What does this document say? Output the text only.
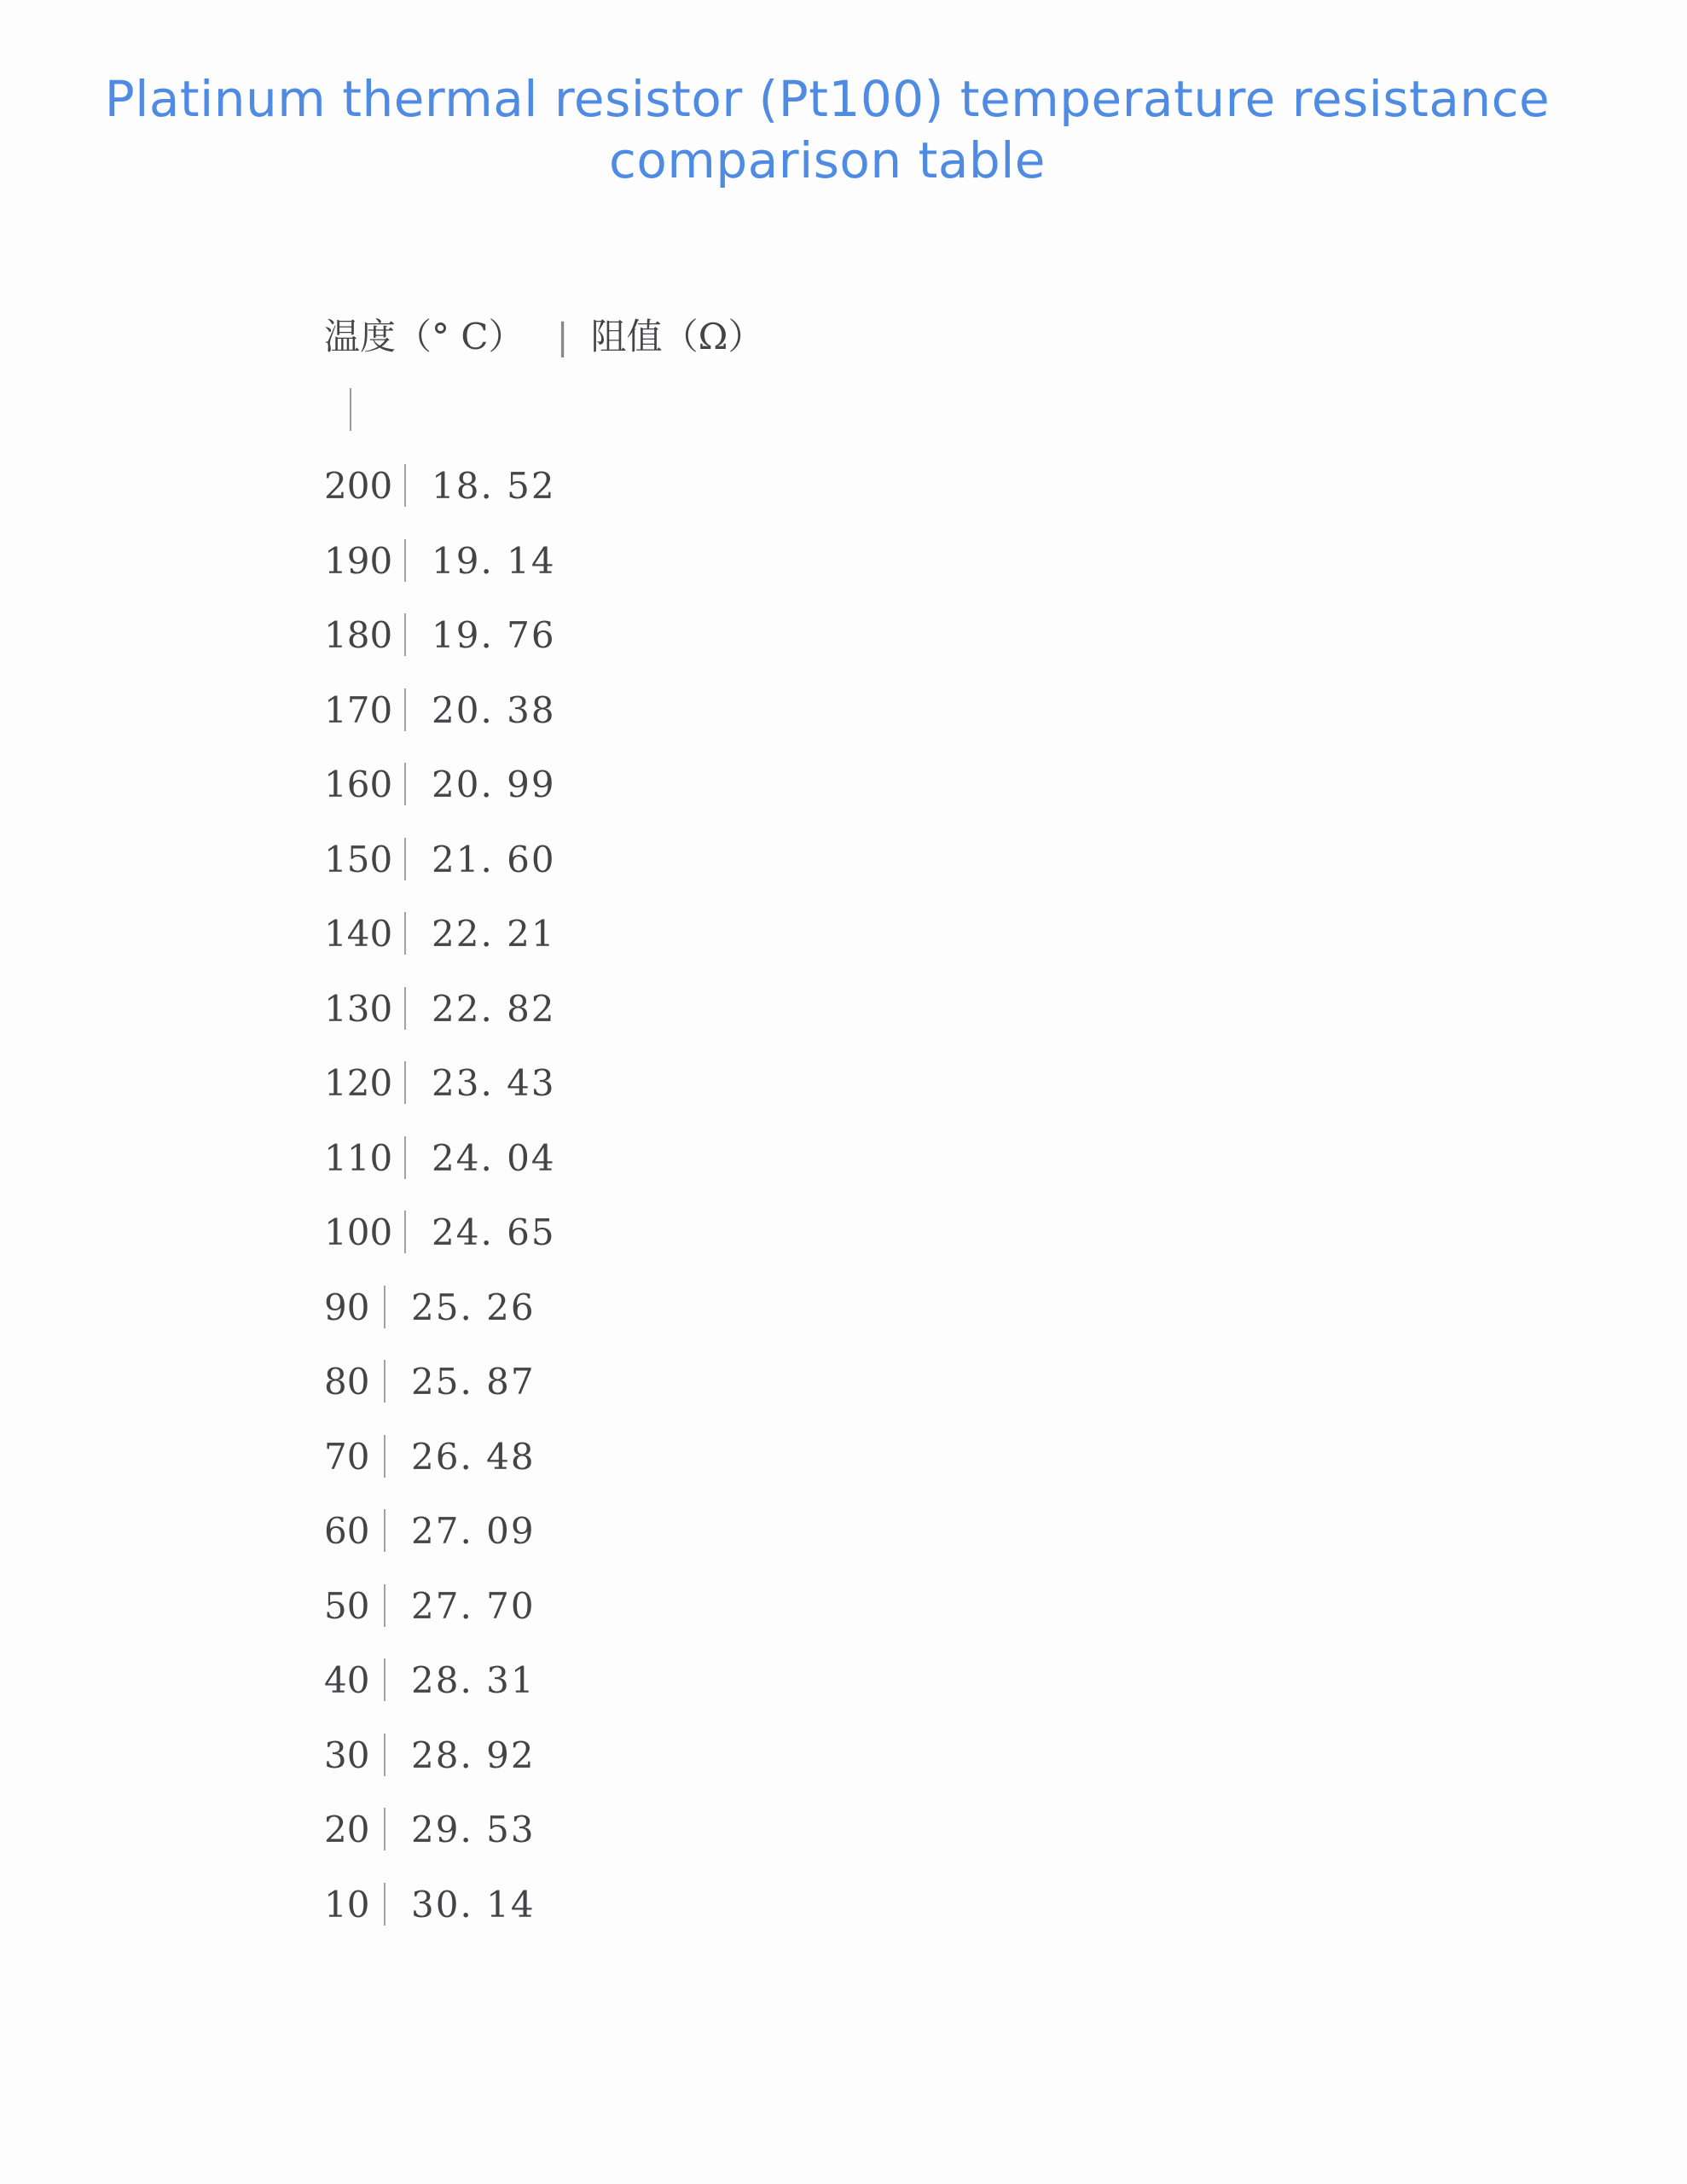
Platinum thermal resistor (Pt100) temperature resistance
comparison table
温度（° C） | 阻值（Ω）
200 18. 52
190 19. 14
180 19. 76
170 20. 38
160 20. 99
150 21. 60
140 22. 21
130 22. 82
120 23. 43
110 24. 04
100 24. 65
90 25. 26
80 25. 87
70 26. 48
60 27. 09
50 27. 70
40 28. 31
30 28. 92
20 29. 53
10 30. 14
